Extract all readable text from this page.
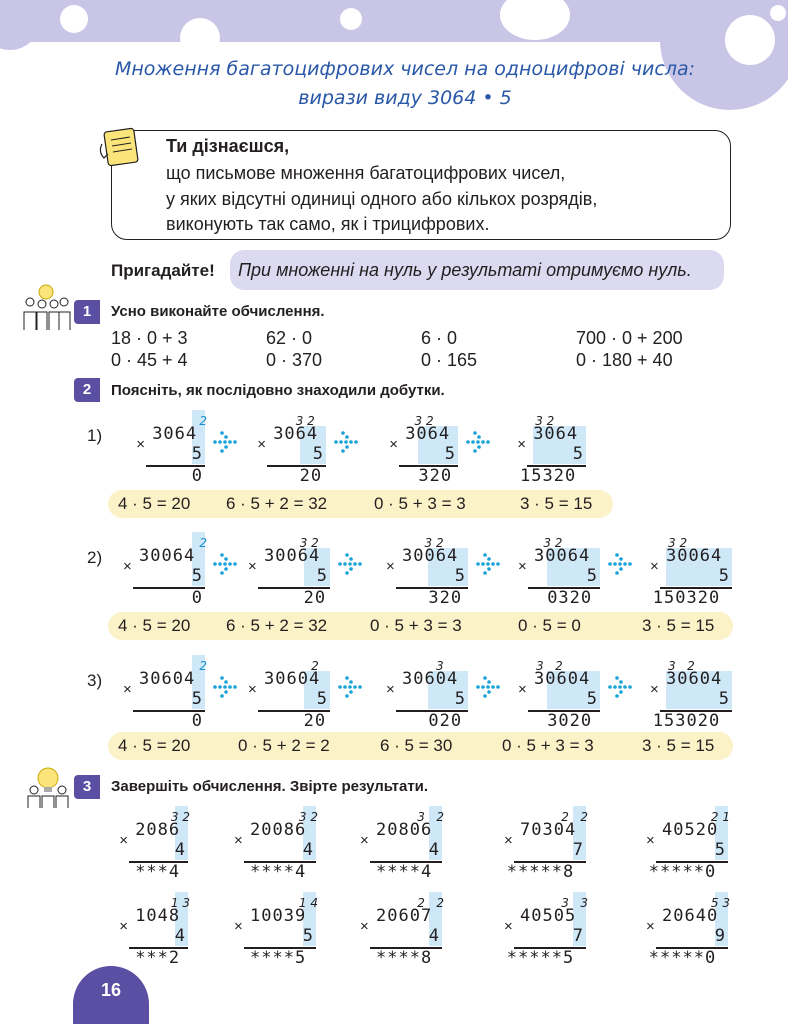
Множення багатоцифрових чисел на одноцифрові числа:
вирази виду 3064 • 5
Ти дізнаєшся,
що письмове множення багатоцифрових чисел,
у яких відсутні одиниці одного або кількох розрядів,
виконують так само, як і трицифрових.
Пригадайте! При множенні на нуль у результаті отримуємо нуль.
1	Усно виконайте обчислення.
18 · 0 + 3	62 · 0	6 · 0	700 · 0 + 200
0 · 45 + 4	0 · 370	0 · 165	0 · 180 + 40
2	Поясніть, як послідовно знаходили добутки.
1)
2
3064
5
×
0
3 2
3064
5
×
20
3 2
3064
5
×
320
3 2
3064
5
×
15320
4 · 5 = 20 6 · 5 + 2 = 32	0 · 5 + 3 = 3	3 · 5 = 15
2)
2
30064
5
×
0
3 2
30064
5
×
20
3 2
30064
5
×
320
3 2
30064
5
×
0320
3 2
30064
5
×
150320
4 · 5 = 20 6 · 5 + 2 = 32	0 · 5 + 3 = 3	0 · 5 = 0	3 · 5 = 15
3)
2
30604
5
×
0
2
30604
5
×
20
3
30604
5
×
020
3   2
30604
5
×
3020
3   2
30604
5
×
153020
4 · 5 = 20	0 · 5 + 2 = 2	6 · 5 = 30	0 · 5 + 3 = 3	3 · 5 = 15
3	Завершіть обчислення. Звірте результати.
3 2
2086
4
×
***4
3 2
20086
4
×
****4
3   2
20806
4
×
****4
2   2
70304
7
×
*****8
2 1
40520
5
×
*****0
1 3
1048
4
×
***2
1 4
10039
5
×
****5
2   2
20607
4
×
****8
3   3
40505
7
×
*****5
5 3
20640
9
×
*****0
16
